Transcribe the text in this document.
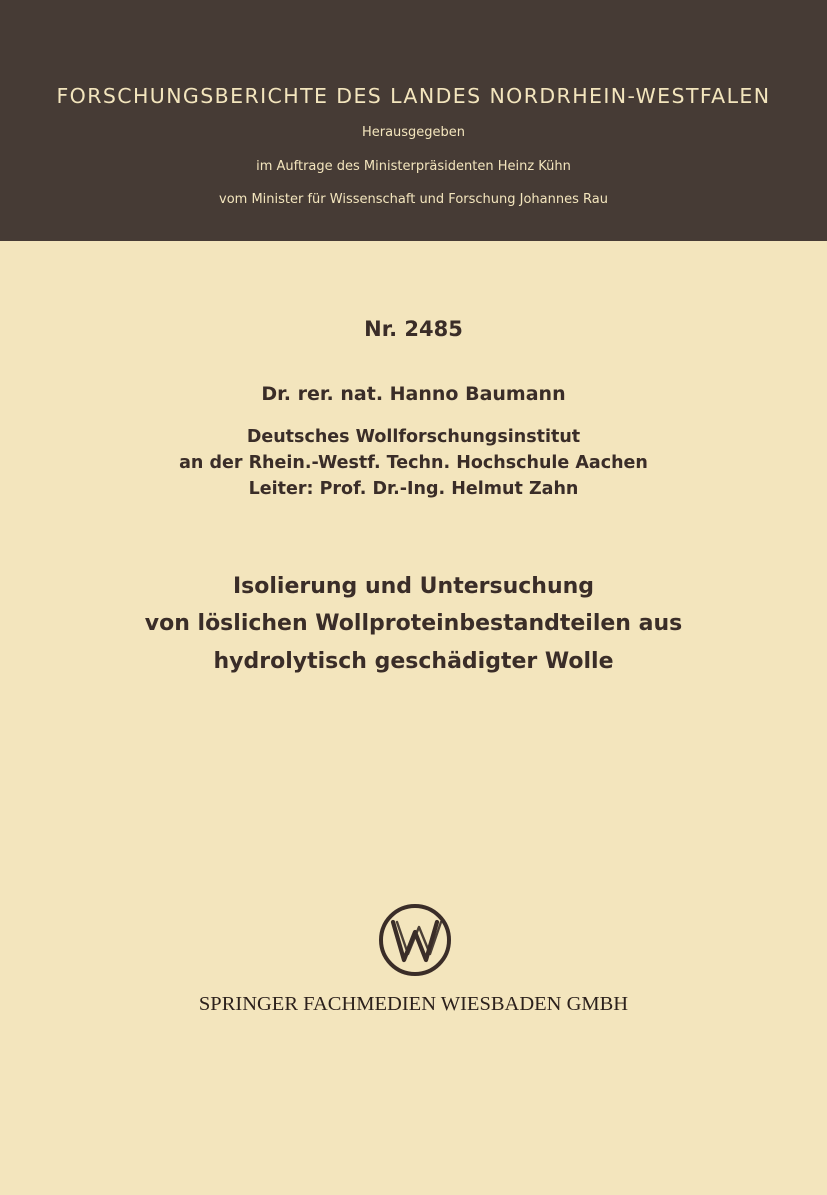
FORSCHUNGSBERICHTE DES LANDES NORDRHEIN-WESTFALEN
Herausgegeben
im Auftrage des Ministerpräsidenten Heinz Kühn
vom Minister für Wissenschaft und Forschung Johannes Rau
Nr. 2485
Dr. rer. nat. Hanno Baumann
Deutsches Wollforschungsinstitut
an der Rhein.-Westf. Techn. Hochschule Aachen
Leiter: Prof. Dr.-Ing. Helmut Zahn
Isolierung und Untersuchung
von löslichen Wollproteinbestandteilen aus
hydrolytisch geschädigter Wolle
SPRINGER FACHMEDIEN WIESBADEN GMBH
